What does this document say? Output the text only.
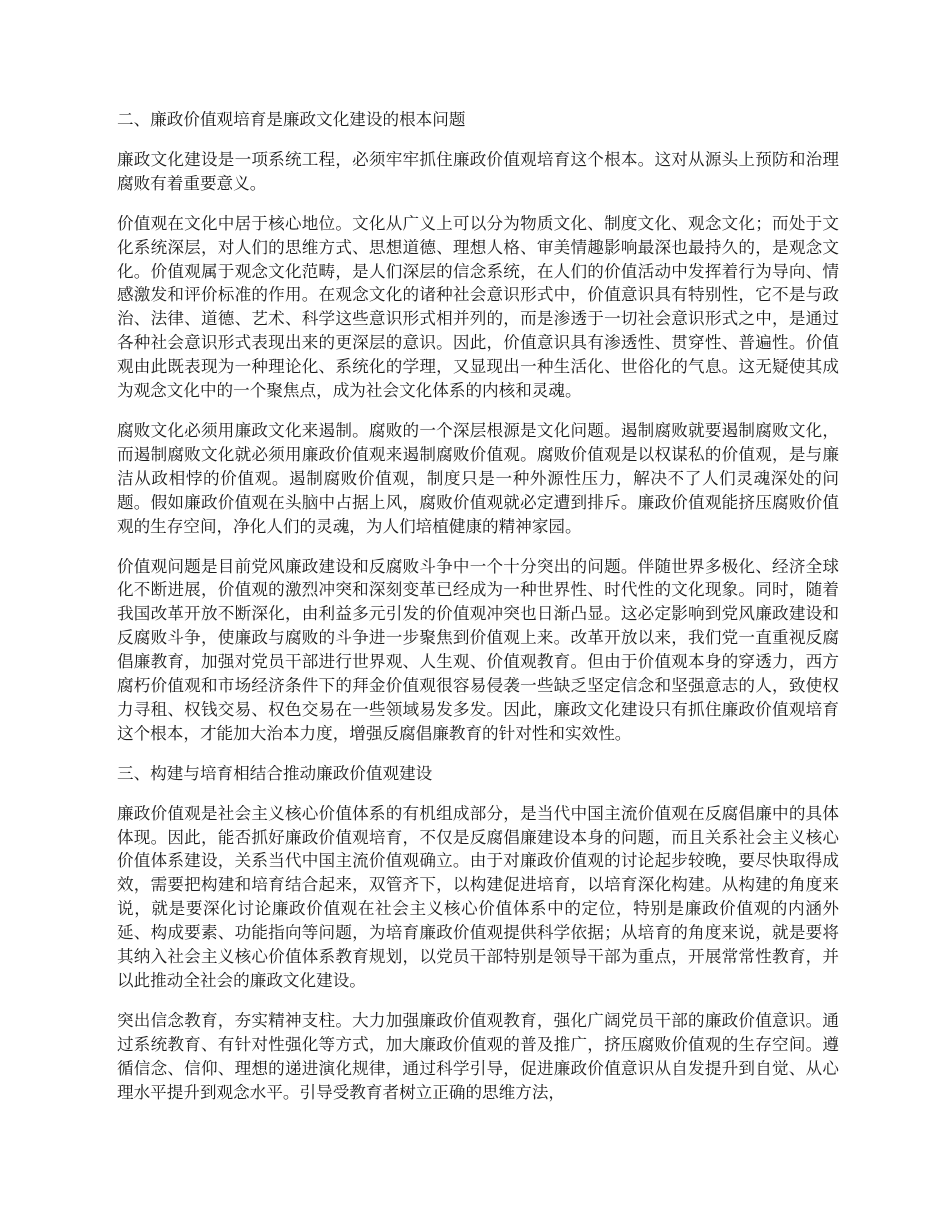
二、廉政价值观培育是廉政文化建设的根本问题

廉政文化建设是一项系统工程，必须牢牢抓住廉政价值观培育这个根本。这对从源头上预防和治理腐败有着重要意义。

价值观在文化中居于核心地位。文化从广义上可以分为物质文化、制度文化、观念文化；而处于文化系统深层，对人们的思维方式、思想道德、理想人格、审美情趣影响最深也最持久的，是观念文化。价值观属于观念文化范畴，是人们深层的信念系统，在人们的价值活动中发挥着行为导向、情感激发和评价标准的作用。在观念文化的诸种社会意识形式中，价值意识具有特别性，它不是与政治、法律、道德、艺术、科学这些意识形式相并列的，而是渗透于一切社会意识形式之中，是通过各种社会意识形式表现出来的更深层的意识。因此，价值意识具有渗透性、贯穿性、普遍性。价值观由此既表现为一种理论化、系统化的学理，又显现出一种生活化、世俗化的气息。这无疑使其成为观念文化中的一个聚焦点，成为社会文化体系的内核和灵魂。

腐败文化必须用廉政文化来遏制。腐败的一个深层根源是文化问题。遏制腐败就要遏制腐败文化，而遏制腐败文化就必须用廉政价值观来遏制腐败价值观。腐败价值观是以权谋私的价值观，是与廉洁从政相悖的价值观。遏制腐败价值观，制度只是一种外源性压力，解决不了人们灵魂深处的问题。假如廉政价值观在头脑中占据上风，腐败价值观就必定遭到排斥。廉政价值观能挤压腐败价值观的生存空间，净化人们的灵魂，为人们培植健康的精神家园。

价值观问题是目前党风廉政建设和反腐败斗争中一个十分突出的问题。伴随世界多极化、经济全球化不断进展，价值观的激烈冲突和深刻变革已经成为一种世界性、时代性的文化现象。同时，随着我国改革开放不断深化，由利益多元引发的价值观冲突也日渐凸显。这必定影响到党风廉政建设和反腐败斗争，使廉政与腐败的斗争进一步聚焦到价值观上来。改革开放以来，我们党一直重视反腐倡廉教育，加强对党员干部进行世界观、人生观、价值观教育。但由于价值观本身的穿透力，西方腐朽价值观和市场经济条件下的拜金价值观很容易侵袭一些缺乏坚定信念和坚强意志的人，致使权力寻租、权钱交易、权色交易在一些领域易发多发。因此，廉政文化建设只有抓住廉政价值观培育这个根本，才能加大治本力度，增强反腐倡廉教育的针对性和实效性。

三、构建与培育相结合推动廉政价值观建设

廉政价值观是社会主义核心价值体系的有机组成部分，是当代中国主流价值观在反腐倡廉中的具体体现。因此，能否抓好廉政价值观培育，不仅是反腐倡廉建设本身的问题，而且关系社会主义核心价值体系建设，关系当代中国主流价值观确立。由于对廉政价值观的讨论起步较晚，要尽快取得成效，需要把构建和培育结合起来，双管齐下，以构建促进培育，以培育深化构建。从构建的角度来说，就是要深化讨论廉政价值观在社会主义核心价值体系中的定位，特别是廉政价值观的内涵外延、构成要素、功能指向等问题，为培育廉政价值观提供科学依据；从培育的角度来说，就是要将其纳入社会主义核心价值体系教育规划，以党员干部特别是领导干部为重点，开展常常性教育，并以此推动全社会的廉政文化建设。

突出信念教育，夯实精神支柱。大力加强廉政价值观教育，强化广阔党员干部的廉政价值意识。通过系统教育、有针对性强化等方式，加大廉政价值观的普及推广，挤压腐败价值观的生存空间。遵循信念、信仰、理想的递进演化规律，通过科学引导，促进廉政价值意识从自发提升到自觉、从心理水平提升到观念水平。引导受教育者树立正确的思维方法，
